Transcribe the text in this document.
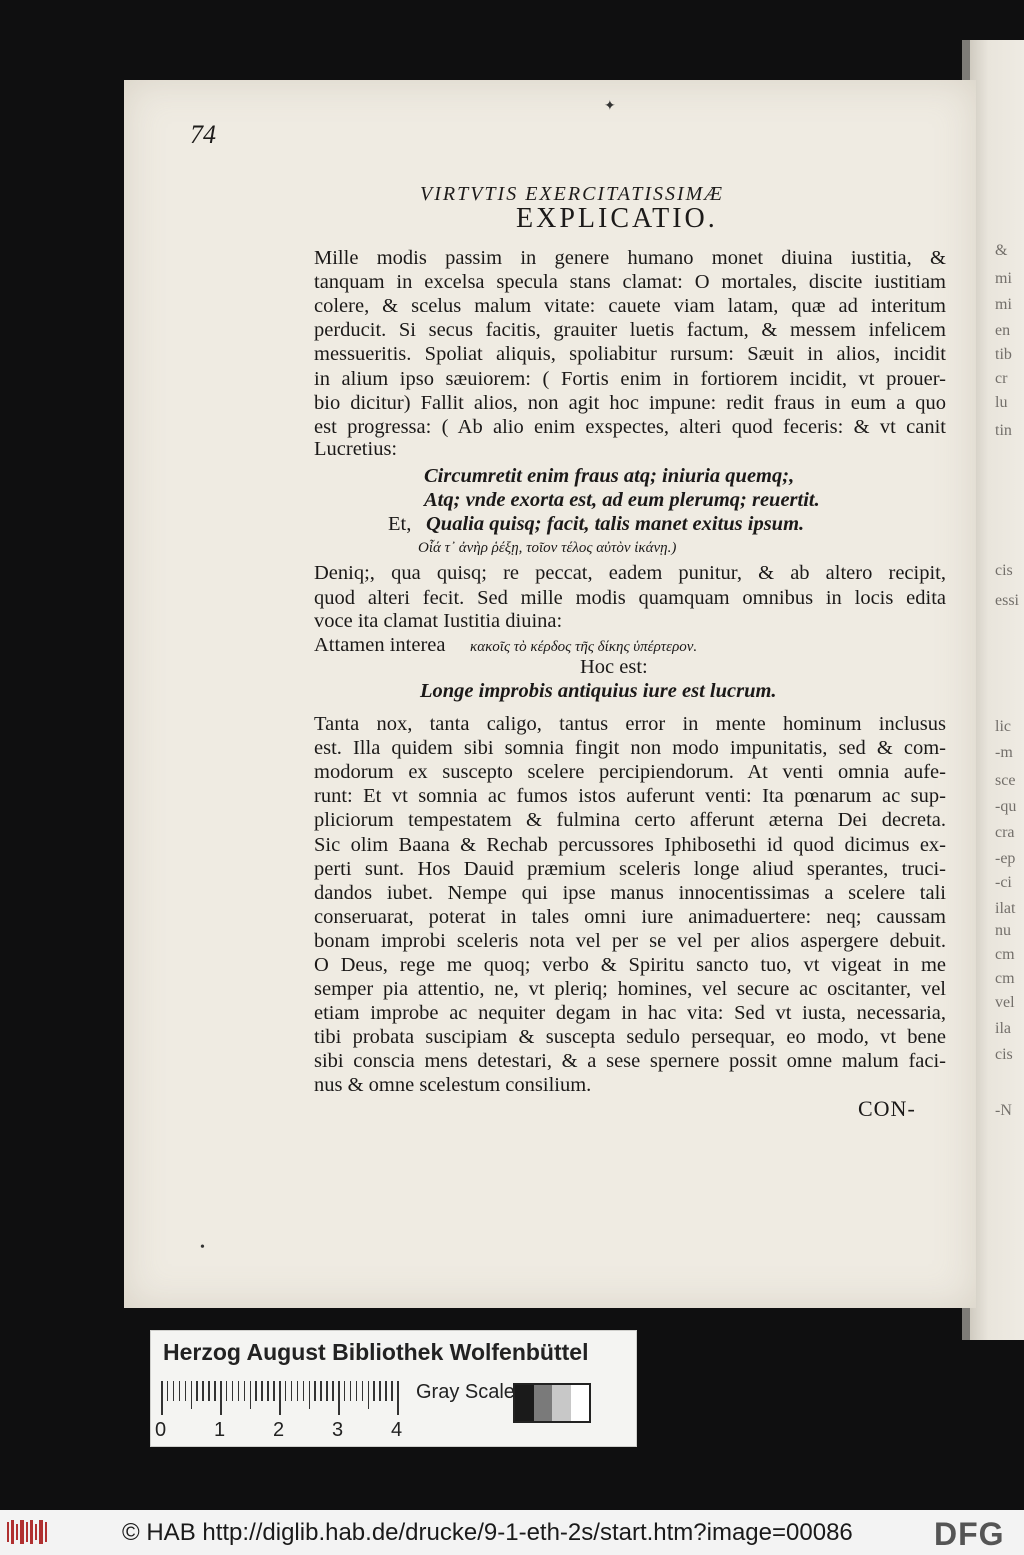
&
mi
mi
en
tib
cr
lu
tin
cis
essi
lic
-m
sce
-qu
cra
-ep
-ci
ilat
nu
cm
cm
vel
ila
cis
-N
✦
•
74
VIRTVTIS EXERCITATISSIMÆ
EXPLICATIO.
Mille modis passim in genere humano monet diuina iustitia, &
tanquam in excelsa specula stans clamat: O mortales, discite iustitiam
colere, & scelus malum vitate: cauete viam latam, quæ ad interitum
perducit. Si secus facitis, grauiter luetis factum, & messem infelicem
messueritis. Spoliat aliquis, spoliabitur rursum: Sæuit in alios, incidit
in alium ipso sæuiorem: ( Fortis enim in fortiorem incidit, vt prouer-
bio dicitur) Fallit alios, non agit hoc impune: redit fraus in eum a quo
est progressa: ( Ab alio enim exspectes, alteri quod feceris: & vt canit
Lucretius:
Circumretit enim fraus atq; iniuria quemq;,
Atq; vnde exorta est, ad eum plerumq; reuertit.
Et, Qualia quisq; facit, talis manet exitus ipsum.
Οἷά τ᾽ ἀνὴρ ῥέξῃ, τοῖον τέλος αὐτὸν ἱκάνῃ.)
Deniq;, qua quisq; re peccat, eadem punitur, & ab altero recipit,
quod alteri fecit. Sed mille modis quamquam omnibus in locis edita
voce ita clamat Iustitia diuina:
Attamen interea κακοῖς τὸ κέρδος τῆς δίκης ὑπέρτερον.
Hoc est:
Longe improbis antiquius iure est lucrum.
Tanta nox, tanta caligo, tantus error in mente hominum inclusus
est. Illa quidem sibi somnia fingit non modo impunitatis, sed & com-
modorum ex suscepto scelere percipiendorum. At venti omnia aufe-
runt: Et vt somnia ac fumos istos auferunt venti: Ita pœnarum ac sup-
pliciorum tempestatem & fulmina certo afferunt æterna Dei decreta.
Sic olim Baana & Rechab percussores Iphibosethi id quod dicimus ex-
perti sunt. Hos Dauid præmium sceleris longe aliud sperantes, truci-
dandos iubet. Nempe qui ipse manus innocentissimas a scelere tali
conseruarat, poterat in tales omni iure animaduertere: neq; caussam
bonam improbi sceleris nota vel per se vel per alios aspergere debuit.
O Deus, rege me quoq; verbo & Spiritu sancto tuo, vt vigeat in me
semper pia attentio, ne, vt pleriq; homines, vel secure ac oscitanter, vel
etiam improbe ac nequiter degam in hac vita: Sed vt iusta, necessaria,
tibi probata suscipiam & suscepta sedulo persequar, eo modo, vt bene
sibi conscia mens detestari, & a sese spernere possit omne malum faci-
nus & omne scelestum consilium.
CON-
Herzog August Bibliothek Wolfenbüttel
Gray Scale
0 1 2 3 4
© HAB http://diglib.hab.de/drucke/9-1-eth-2s/start.htm?image=00086	DFG
